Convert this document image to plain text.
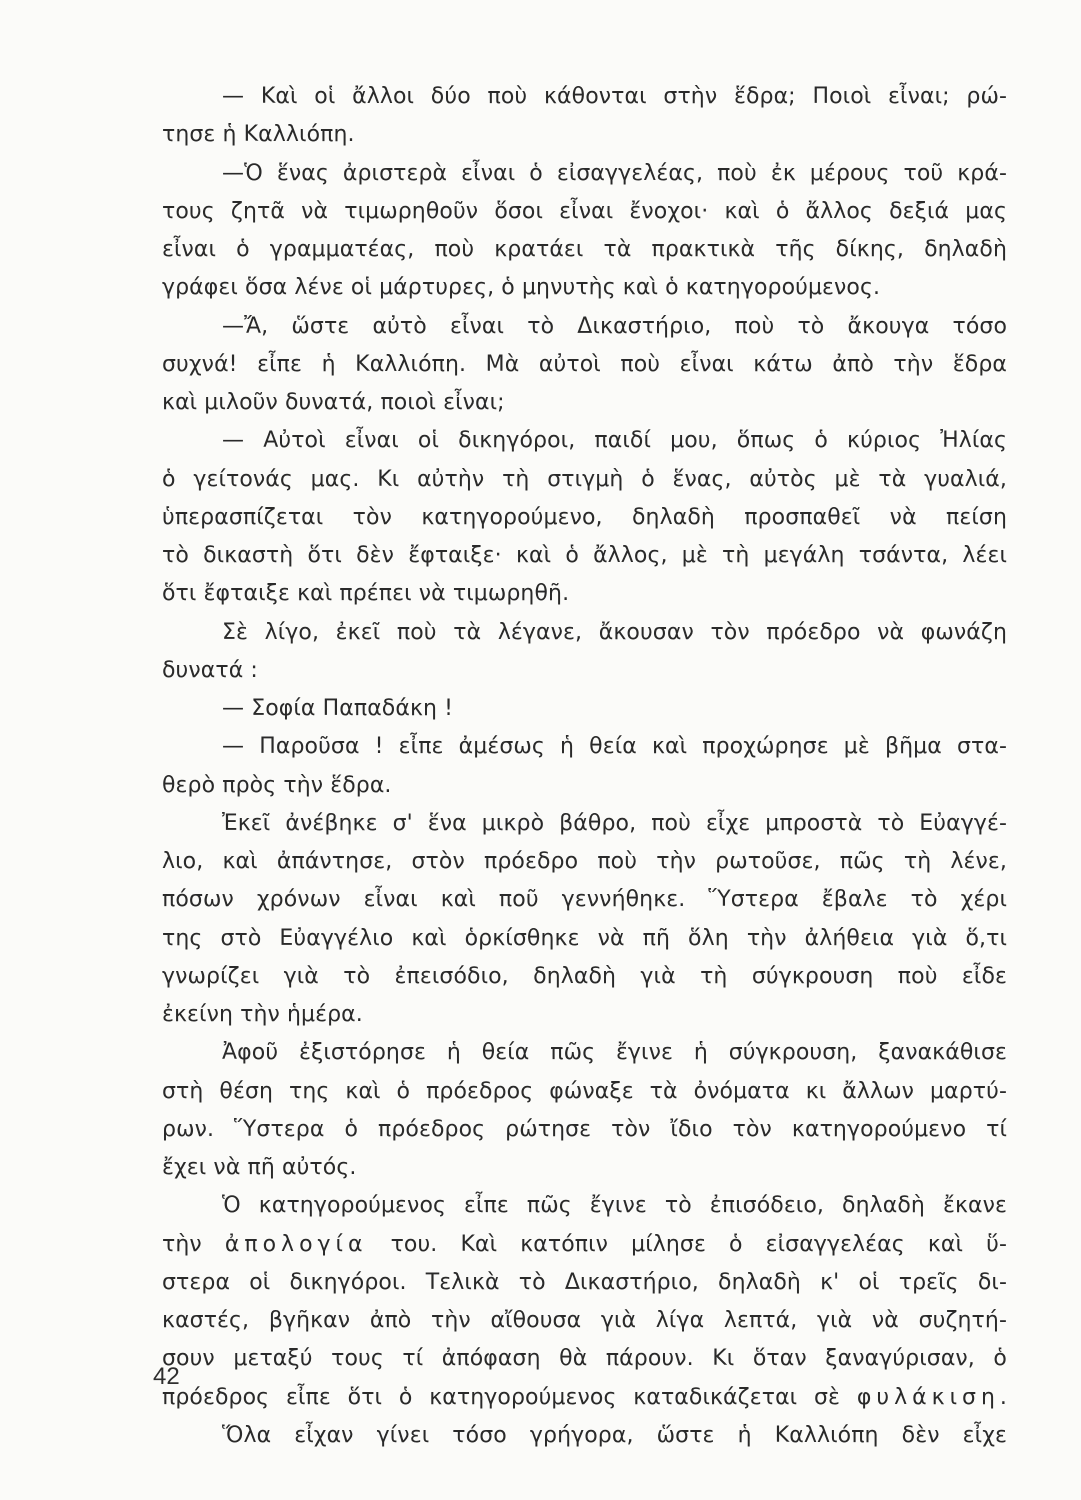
— Καὶ οἱ ἄλλοι δύο ποὺ κάθονται στὴν ἕδρα; Ποιοὶ εἶναι; ρώ-
τησε ἡ Καλλιόπη.
—Ὁ ἕνας ἀριστερὰ εἶναι ὁ εἰσαγγελέας, ποὺ ἐκ μέρους τοῦ κρά-
τους ζητᾶ νὰ τιμωρηθοῦν ὅσοι εἶναι ἔνοχοι· καὶ ὁ ἄλλος δεξιά μας
εἶναι ὁ γραμματέας, ποὺ κρατάει τὰ πρακτικὰ τῆς δίκης, δηλαδὴ
γράφει ὅσα λένε οἱ μάρτυρες, ὁ μηνυτὴς καὶ ὁ κατηγορούμενος.
—Ἄ, ὥστε αὐτὸ εἶναι τὸ Δικαστήριο, ποὺ τὸ ἄκουγα τόσο
συχνά! εἶπε ἡ Καλλιόπη. Μὰ αὐτοὶ ποὺ εἶναι κάτω ἀπὸ τὴν ἕδρα
καὶ μιλοῦν δυνατά, ποιοὶ εἶναι;
— Αὐτοὶ εἶναι οἱ δικηγόροι, παιδί μου, ὅπως ὁ κύριος Ἠλίας
ὁ γείτονάς μας. Κι αὐτὴν τὴ στιγμὴ ὁ ἕνας, αὐτὸς μὲ τὰ γυαλιά,
ὑπερασπίζεται τὸν κατηγορούμενο, δηλαδὴ προσπαθεῖ νὰ πείση
τὸ δικαστὴ ὅτι δὲν ἔφταιξε· καὶ ὁ ἄλλος, μὲ τὴ μεγάλη τσάντα, λέει
ὅτι ἔφταιξε καὶ πρέπει νὰ τιμωρηθῆ.
Σὲ λίγο, ἐκεῖ ποὺ τὰ λέγανε, ἄκουσαν τὸν πρόεδρο νὰ φωνάζη
δυνατά :
— Σοφία Παπαδάκη !
— Παροῦσα ! εἶπε ἀμέσως ἡ θεία καὶ προχώρησε μὲ βῆμα στα-
θερὸ πρὸς τὴν ἕδρα.
Ἐκεῖ ἀνέβηκε σ' ἕνα μικρὸ βάθρο, ποὺ εἶχε μπροστὰ τὸ Εὐαγγέ-
λιο, καὶ ἀπάντησε, στὸν πρόεδρο ποὺ τὴν ρωτοῦσε, πῶς τὴ λένε,
πόσων χρόνων εἶναι καὶ ποῦ γεννήθηκε. Ὕστερα ἔβαλε τὸ χέρι
της στὸ Εὐαγγέλιο καὶ ὁρκίσθηκε νὰ πῆ ὅλη τὴν ἀλήθεια γιὰ ὅ,τι
γνωρίζει γιὰ τὸ ἐπεισόδιο, δηλαδὴ γιὰ τὴ σύγκρουση ποὺ εἶδε
ἐκείνη τὴν ἡμέρα.
Ἀφοῦ ἐξιστόρησε ἡ θεία πῶς ἔγινε ἡ σύγκρουση, ξανακάθισε
στὴ θέση της καὶ ὁ πρόεδρος φώναξε τὰ ὀνόματα κι ἄλλων μαρτύ-
ρων. Ὕστερα ὁ πρόεδρος ρώτησε τὸν ἴδιο τὸν κατηγορούμενο τί
ἔχει νὰ πῆ αὐτός.
Ὁ κατηγορούμενος εἶπε πῶς ἔγινε τὸ ἐπισόδειο, δηλαδὴ ἔκανε
τὴν ἀπολογία του. Καὶ κατόπιν μίλησε ὁ εἰσαγγελέας καὶ ὕ-
στερα οἱ δικηγόροι. Τελικὰ τὸ Δικαστήριο, δηλαδὴ κ' οἱ τρεῖς δι-
καστές, βγῆκαν ἀπὸ τὴν αἴθουσα γιὰ λίγα λεπτά, γιὰ νὰ συζητή-
σουν μεταξύ τους τί ἀπόφαση θὰ πάρουν. Κι ὅταν ξαναγύρισαν, ὁ
πρόεδρος εἶπε ὅτι ὁ κατηγορούμενος καταδικάζεται σὲ φυλάκιση.
Ὅλα εἶχαν γίνει τόσο γρήγορα, ὥστε ἡ Καλλιόπη δὲν εἶχε
42
